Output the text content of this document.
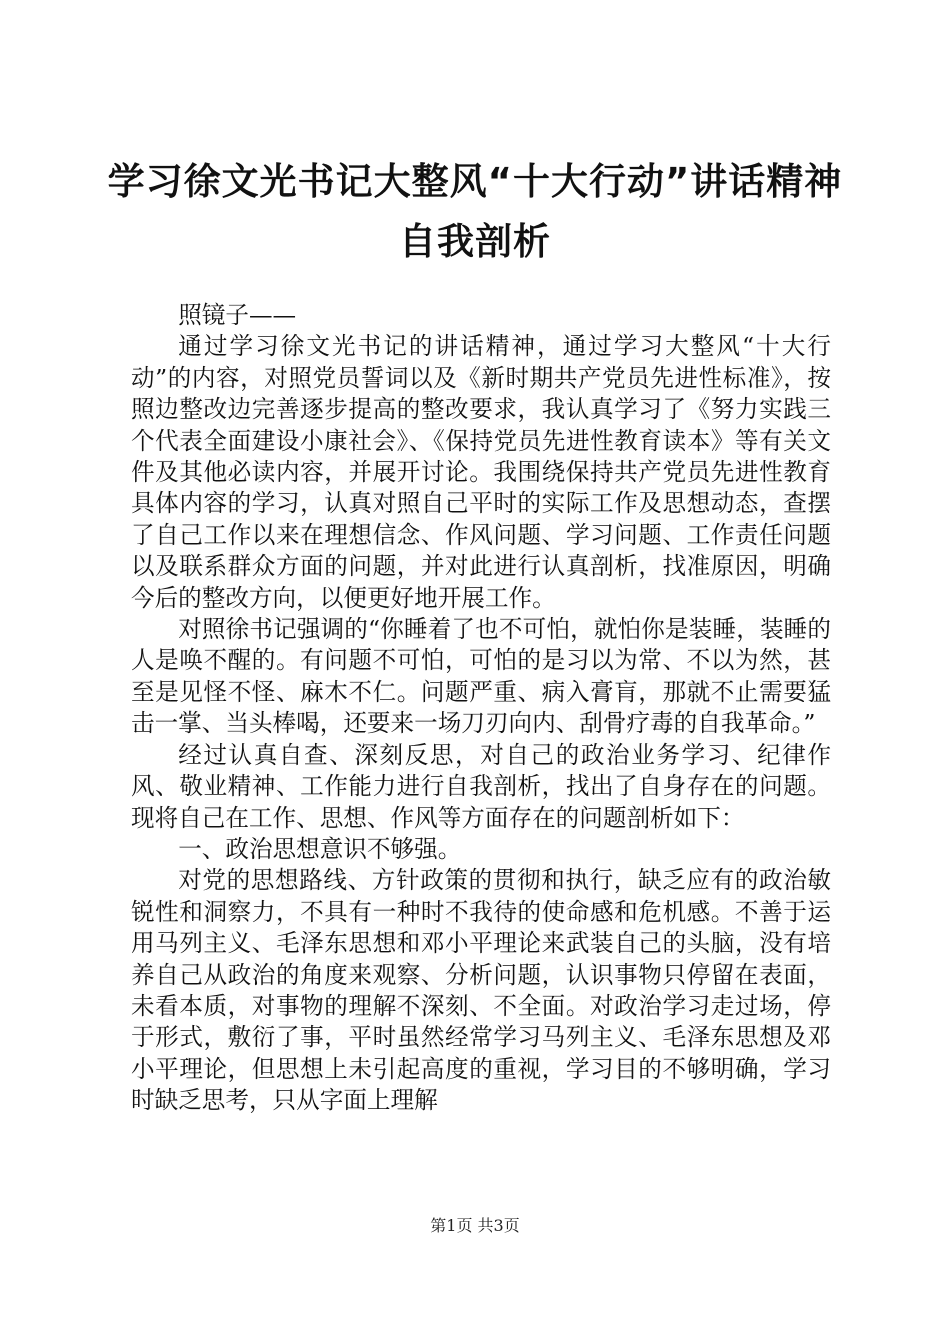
学习徐文光书记大整风“十大行动”讲话精神
自我剖析

照镜子——

通过学习徐文光书记的讲话精神，通过学习大整风“十大行动”的内容，对照党员誓词以及《新时期共产党员先进性标准》，按照边整改边完善逐步提高的整改要求，我认真学习了《努力实践三个代表全面建设小康社会》、《保持党员先进性教育读本》等有关文件及其他必读内容，并展开讨论。我围绕保持共产党员先进性教育具体内容的学习，认真对照自己平时的实际工作及思想动态，查摆了自己工作以来在理想信念、作风问题、学习问题、工作责任问题以及联系群众方面的问题，并对此进行认真剖析，找准原因，明确今后的整改方向，以便更好地开展工作。

对照徐书记强调的“你睡着了也不可怕，就怕你是装睡，装睡的人是唤不醒的。有问题不可怕，可怕的是习以为常、不以为然，甚至是见怪不怪、麻木不仁。问题严重、病入膏肓，那就不止需要猛击一掌、当头棒喝，还要来一场刀刃向内、刮骨疗毒的自我革命。”

经过认真自查、深刻反思，对自己的政治业务学习、纪律作风、敬业精神、工作能力进行自我剖析，找出了自身存在的问题。现将自己在工作、思想、作风等方面存在的问题剖析如下：

一、政治思想意识不够强。

对党的思想路线、方针政策的贯彻和执行，缺乏应有的政治敏锐性和洞察力，不具有一种时不我待的使命感和危机感。不善于运用马列主义、毛泽东思想和邓小平理论来武装自己的头脑，没有培养自己从政治的角度来观察、分析问题，认识事物只停留在表面，未看本质，对事物的理解不深刻、不全面。对政治学习走过场，停于形式，敷衍了事，平时虽然经常学习马列主义、毛泽东思想及邓小平理论，但思想上未引起高度的重视，学习目的不够明确，学习时缺乏思考，只从字面上理解

第1页 共3页
